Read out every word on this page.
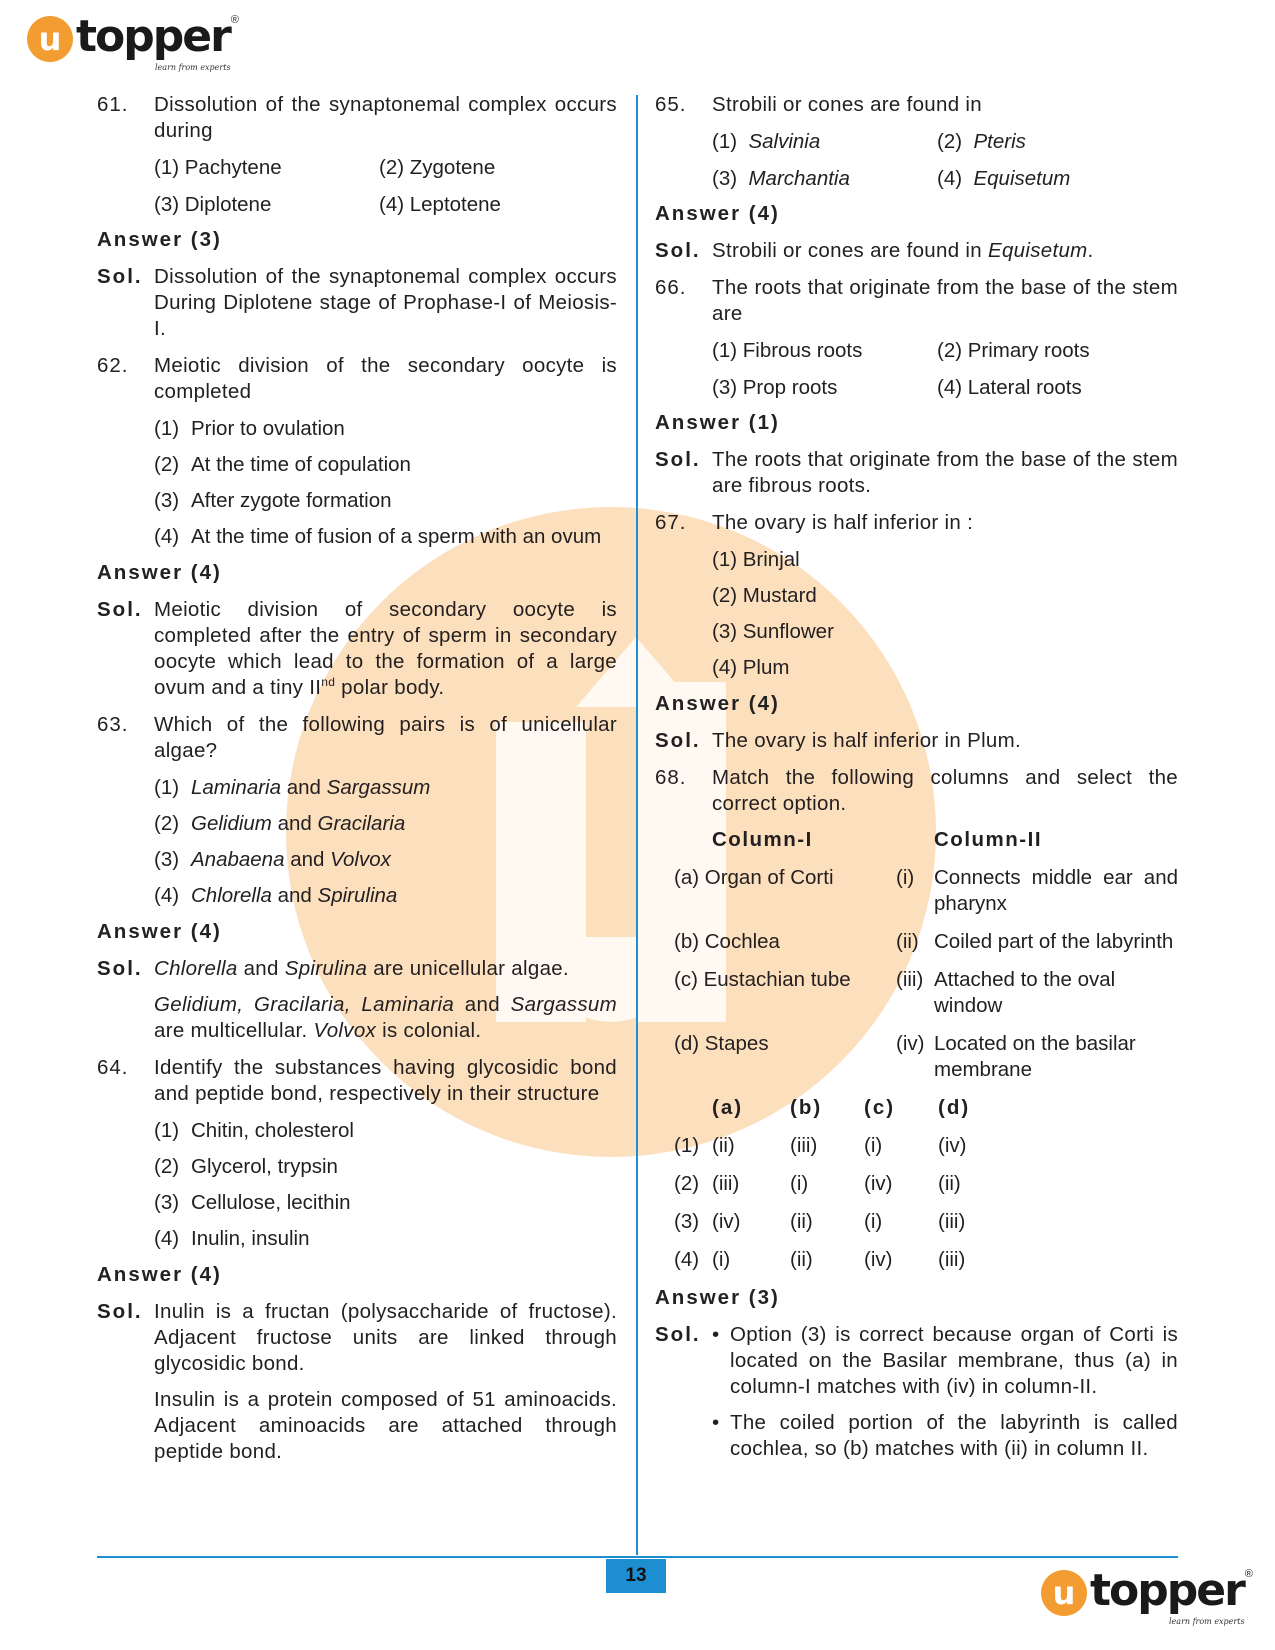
u topper ®
learn from experts
61. Dissolution of the synaptonemal complex occurs during
(1) Pachytene	(2) Zygotene
(3) Diplotene	(4) Leptotene
Answer (3)
Sol. Dissolution of the synaptonemal complex occurs During Diplotene stage of Prophase-I of Meiosis-I.

62. Meiotic division of the secondary oocyte is completed
(1) Prior to ovulation
(2) At the time of copulation
(3) After zygote formation
(4) At the time of fusion of a sperm with an ovum
Answer (4)
Sol. Meiotic division of secondary oocyte is completed after the entry of sperm in secondary oocyte which lead to the formation of a large ovum and a tiny IInd polar body.

63. Which of the following pairs is of unicellular algae?
(1) Laminaria and Sargassum
(2) Gelidium and Gracilaria
(3) Anabaena and Volvox
(4) Chlorella and Spirulina
Answer (4)
Sol. Chlorella and Spirulina are unicellular algae.

Gelidium, Gracilaria, Laminaria and Sargassum are multicellular. Volvox is colonial.

64. Identify the substances having glycosidic bond and peptide bond, respectively in their structure
(1) Chitin, cholesterol
(2) Glycerol, trypsin
(3) Cellulose, lecithin
(4) Inulin, insulin
Answer (4)
Sol. Inulin is a fructan (polysaccharide of fructose). Adjacent fructose units are linked through glycosidic bond.

Insulin is a protein composed of 51 aminoacids. Adjacent aminoacids are attached through peptide bond.

65. Strobili or cones are found in
(1) Salvinia	(2) Pteris
(3) Marchantia	(4) Equisetum
Answer (4)
Sol. Strobili or cones are found in Equisetum.

66. The roots that originate from the base of the stem are
(1) Fibrous roots	(2) Primary roots
(3) Prop roots	(4) Lateral roots
Answer (1)
Sol. The roots that originate from the base of the stem are fibrous roots.

67. The ovary is half inferior in :
(1) Brinjal
(2) Mustard
(3) Sunflower
(4) Plum
Answer (4)
Sol. The ovary is half inferior in Plum.

68. Match the following columns and select the correct option.
Column-I	Column-II
(a) Organ of Corti	(i) Connects middle ear and pharynx
(b) Cochlea	(ii) Coiled part of the labyrinth
(c) Eustachian tube	(iii) Attached to the oval window
(d) Stapes	(iv) Located on the basilar membrane
(a)	(b)	(c)	(d)
(1) (ii)	(iii)	(i)	(iv)
(2) (iii)	(i)	(iv)	(ii)
(3) (iv)	(ii)	(i)	(iii)
(4) (i)	(ii)	(iv)	(iii)
Answer (3)
Sol.
•	Option (3) is correct because organ of Corti is located on the Basilar membrane, thus (a) in column-I matches with (iv) in column-II.
• The coiled portion of the labyrinth is called cochlea, so (b) matches with (ii) in column II.
13	u topper ®
learn from experts
